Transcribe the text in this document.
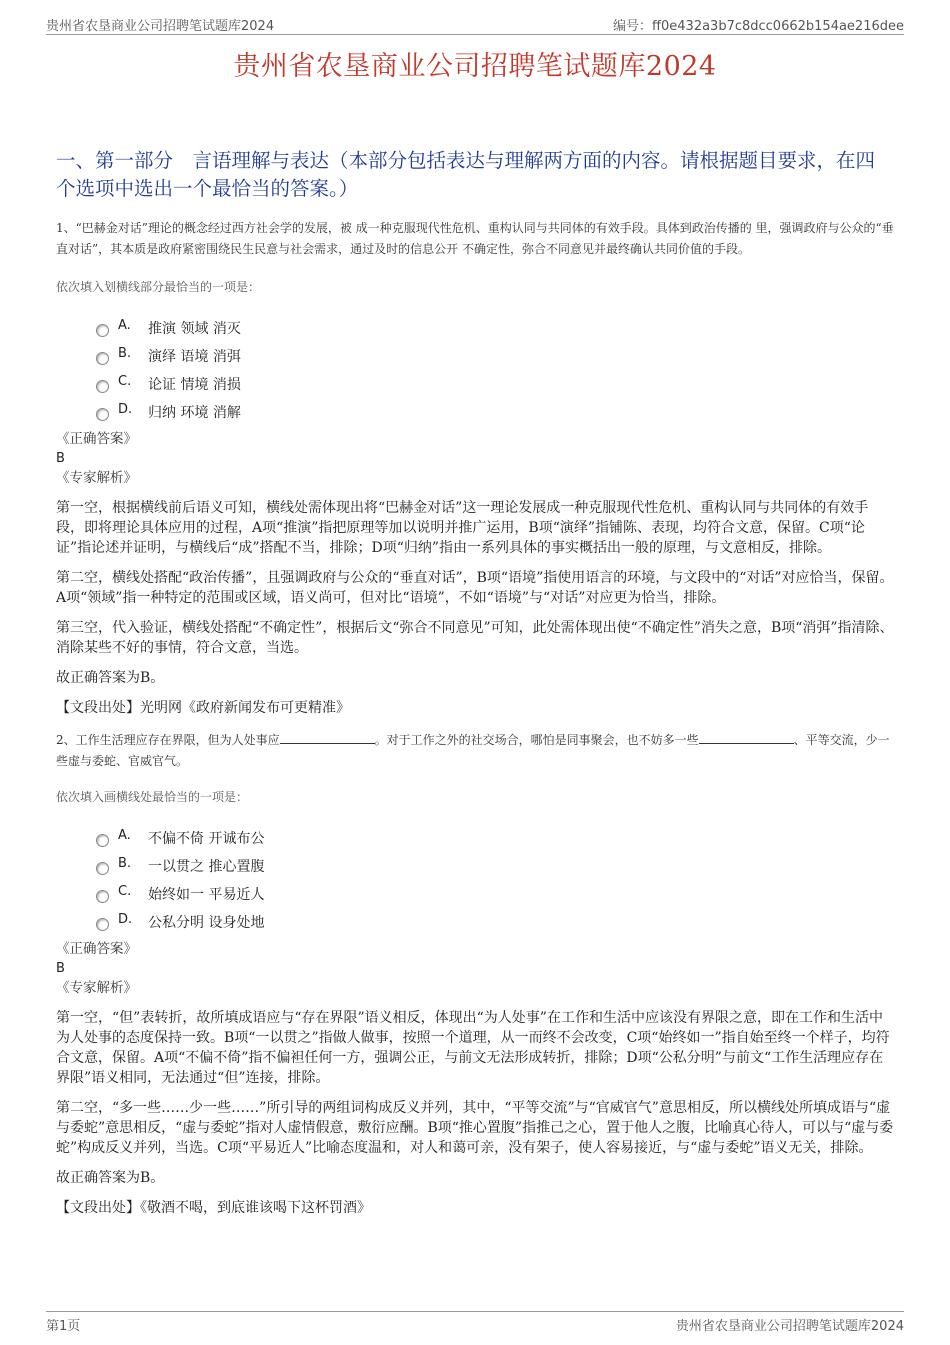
贵州省农垦商业公司招聘笔试题库2024	编号：ff0e432a3b7c8dcc0662b154ae216dee
贵州省农垦商业公司招聘笔试题库2024
一、第一部分　言语理解与表达（本部分包括表达与理解两方面的内容。请根据题目要求，在四个选项中选出一个最恰当的答案。）

1、“巴赫金对话”理论的概念经过西方社会学的发展，被 成一种克服现代性危机、重构认同与共同体的有效手段。具体到政治传播的 里，强调政府与公众的“垂直对话”，其本质是政府紧密围绕民生民意与社会需求，通过及时的信息公开 不确定性，弥合不同意见并最终确认共同价值的手段。

依次填入划横线部分最恰当的一项是：

A. 推演 领域 消灭
B. 演绎 语境 消弭
C. 论证 情境 消损
D. 归纳 环境 消解

《正确答案》

B

《专家解析》

第一空，根据横线前后语义可知，横线处需体现出将“巴赫金对话”这一理论发展成一种克服现代性危机、重构认同与共同体的有效手段，即将理论具体应用的过程，A项“推演”指把原理等加以说明并推广运用，B项“演绎”指铺陈、表现，均符合文意，保留。C项“论证”指论述并证明，与横线后“成”搭配不当，排除；D项“归纳”指由一系列具体的事实概括出一般的原理，与文意相反，排除。

第二空，横线处搭配“政治传播”，且强调政府与公众的“垂直对话”，B项“语境”指使用语言的环境，与文段中的“对话”对应恰当，保留。A项“领域”指一种特定的范围或区域，语义尚可，但对比“语境”，不如“语境”与“对话”对应更为恰当，排除。

第三空，代入验证，横线处搭配“不确定性”，根据后文“弥合不同意见”可知，此处需体现出使“不确定性”消失之意，B项“消弭”指清除、消除某些不好的事情，符合文意，当选。

故正确答案为B。

【文段出处】光明网《政府新闻发布可更精准》

2、工作生活理应存在界限，但为人处事应	。对于工作之外的社交场合，哪怕是同事聚会，也不妨多一些	、平等交流，少一些虚与委蛇、官威官气。

依次填入画横线处最恰当的一项是：

A. 不偏不倚 开诚布公
B. 一以贯之 推心置腹
C. 始终如一 平易近人
D. 公私分明 设身处地

《正确答案》

B

《专家解析》

第一空，“但”表转折，故所填成语应与“存在界限”语义相反，体现出“为人处事”在工作和生活中应该没有界限之意，即在工作和生活中为人处事的态度保持一致。B项“一以贯之”指做人做事，按照一个道理，从一而终不会改变，C项“始终如一”指自始至终一个样子，均符合文意，保留。A项“不偏不倚”指不偏袒任何一方，强调公正，与前文无法形成转折，排除；D项“公私分明”与前文“工作生活理应存在界限”语义相同，无法通过“但”连接，排除。

第二空，“多一些……少一些……”所引导的两组词构成反义并列，其中，“平等交流”与“官威官气”意思相反，所以横线处所填成语与“虚与委蛇”意思相反，“虚与委蛇”指对人虚情假意，敷衍应酬。B项“推心置腹”指推己之心，置于他人之腹，比喻真心待人，可以与“虚与委蛇”构成反义并列，当选。C项“平易近人”比喻态度温和，对人和蔼可亲，没有架子，使人容易接近，与“虚与委蛇”语义无关，排除。

故正确答案为B。

【文段出处】《敬酒不喝，到底谁该喝下这杯罚酒》

第1页	贵州省农垦商业公司招聘笔试题库2024
